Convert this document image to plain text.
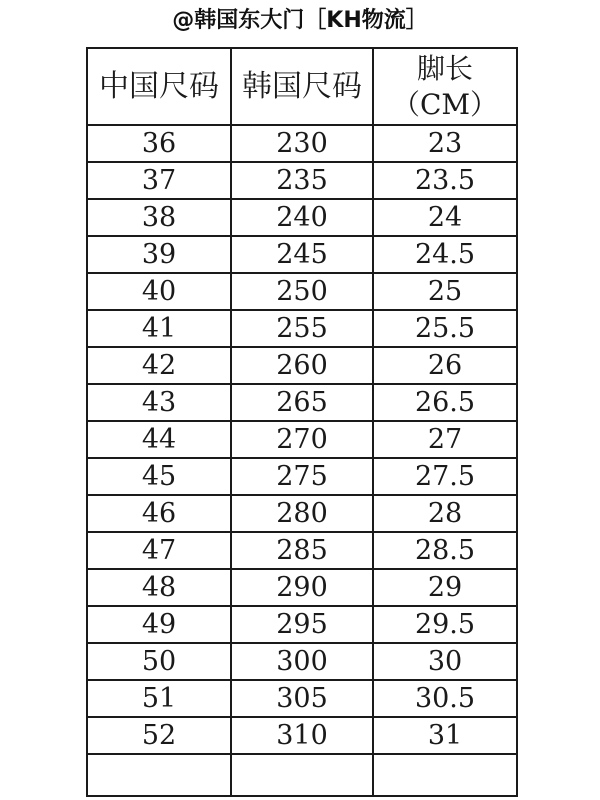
@韩国东大门［KH物流］
中国尺码	韩国尺码	脚长
（CM）

36	230	23
37	235	23.5
38	240	24
39	245	24.5
40	250	25
41	255	25.5
42	260	26
43	265	26.5
44	270	27
45	275	27.5
46	280	28
47	285	28.5
48	290	29
49	295	29.5
50	300	30
51	305	30.5
52	310	31
